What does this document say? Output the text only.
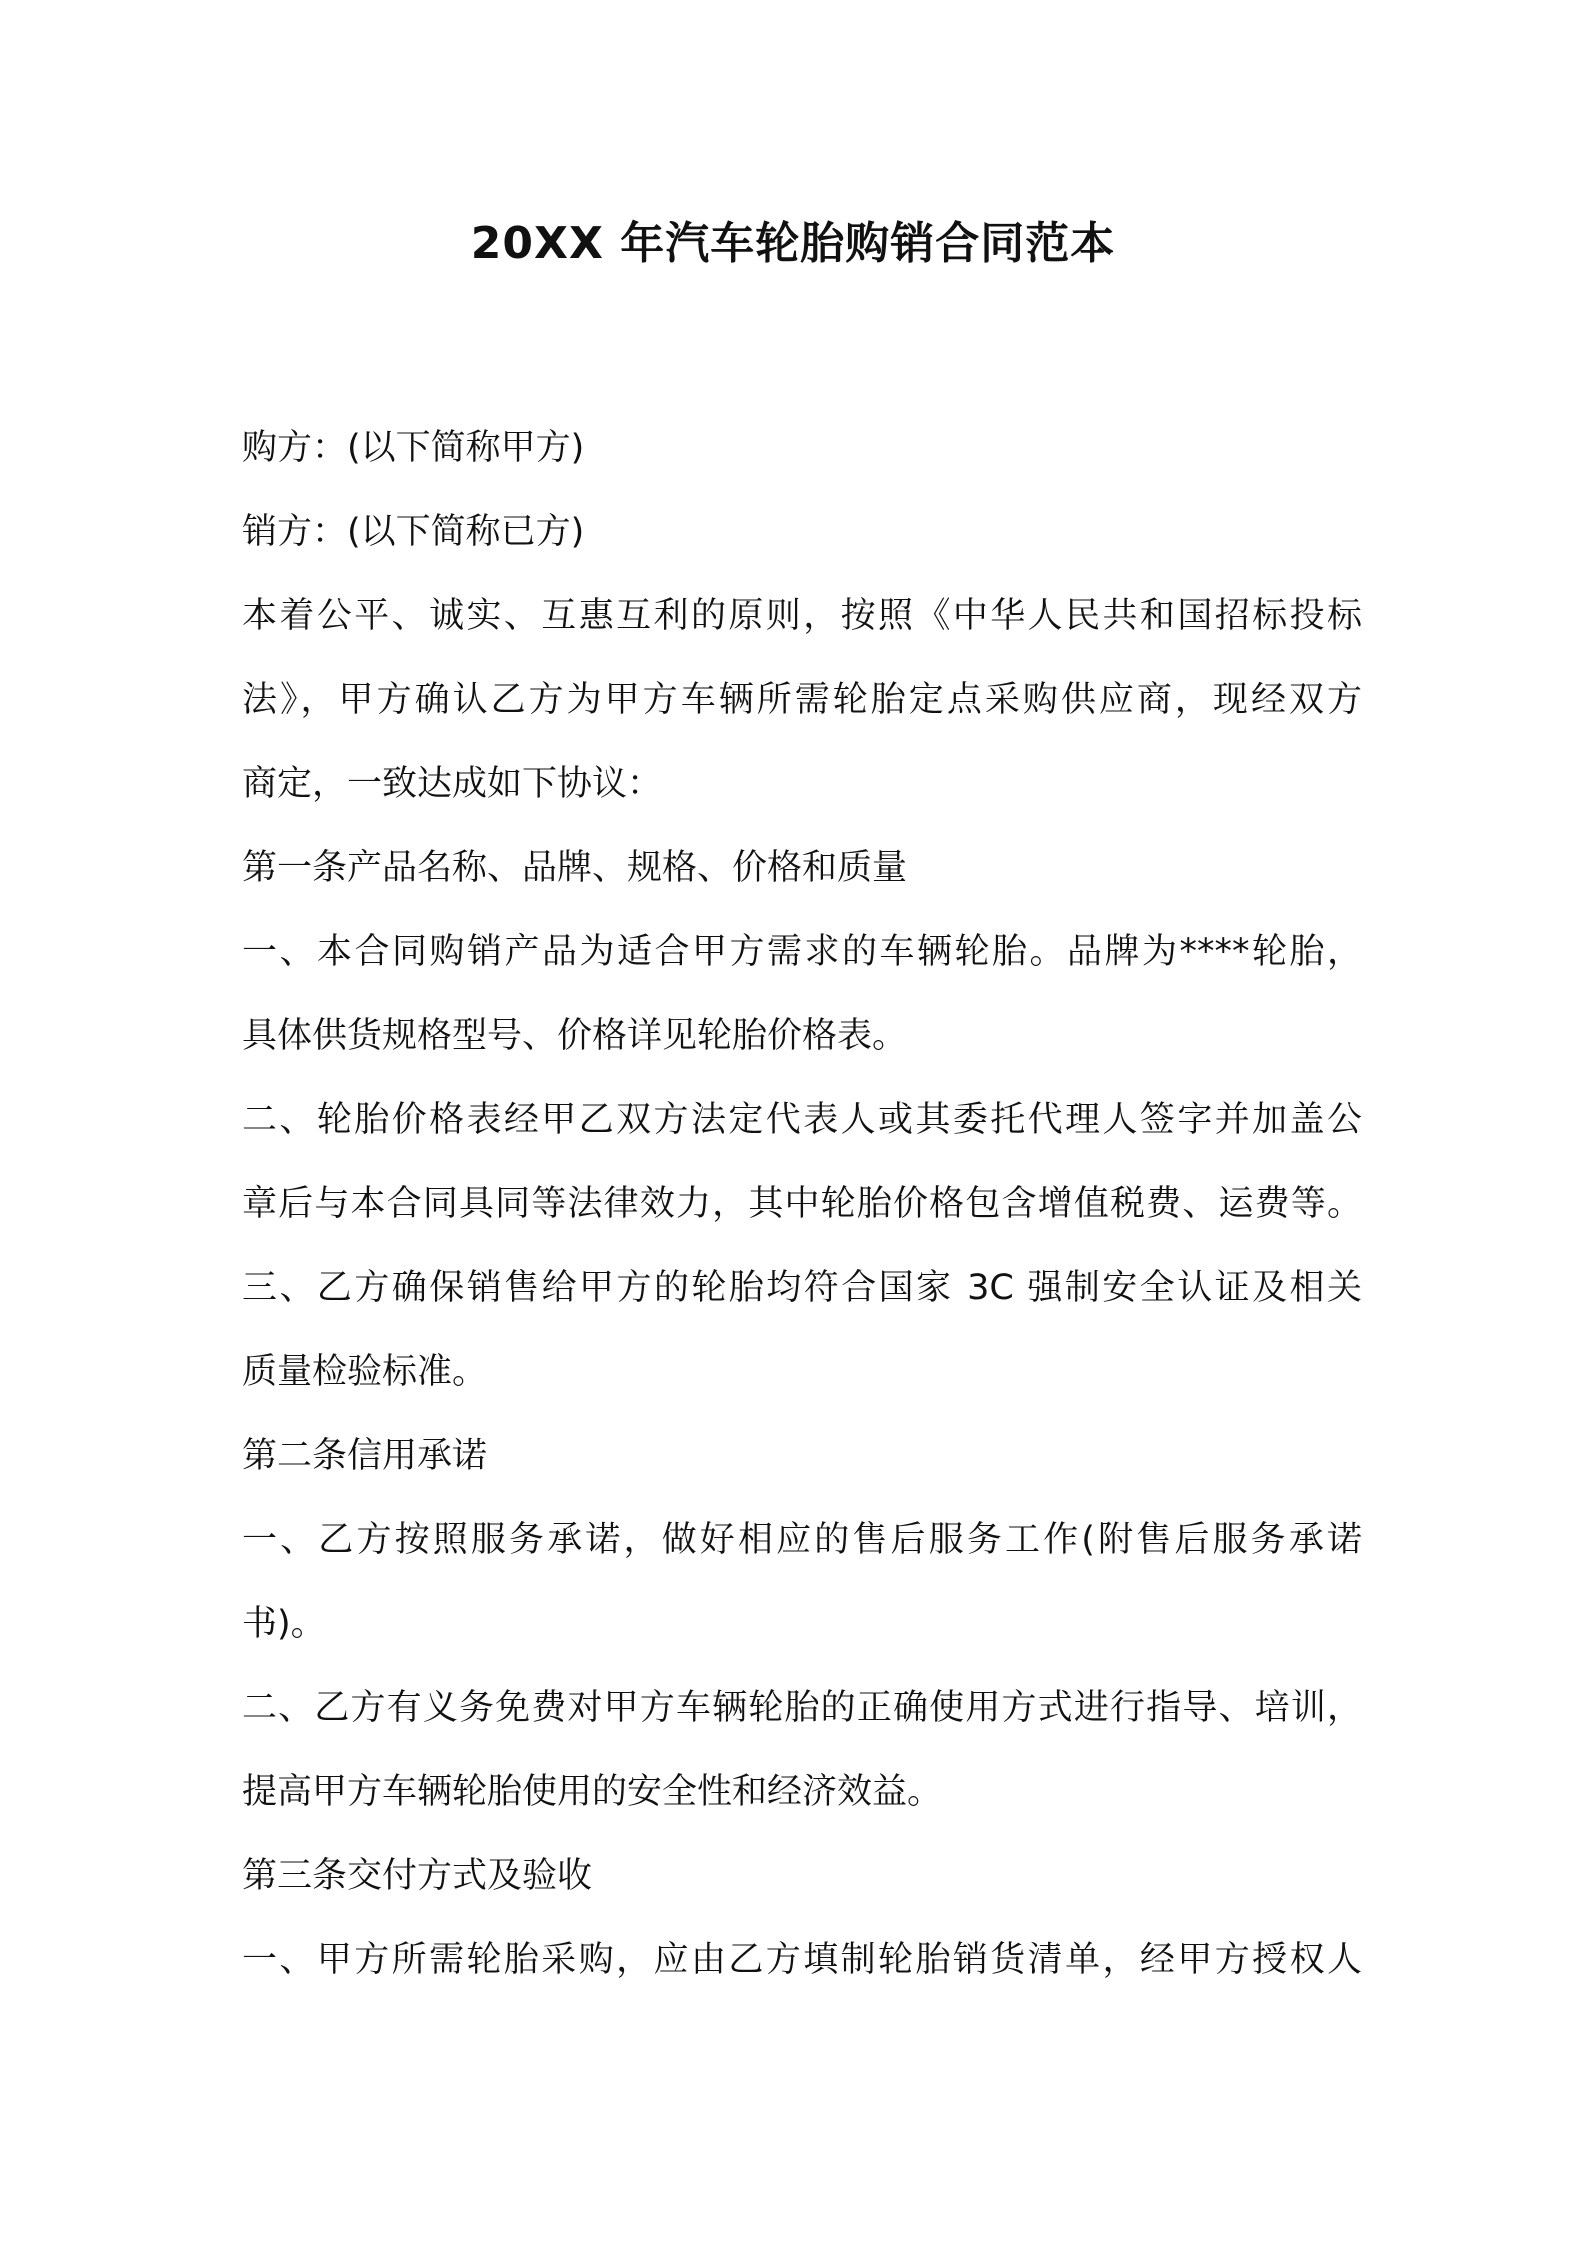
20XX 年汽车轮胎购销合同范本
购方：(以下简称甲方)
销方：(以下简称已方)
本着公平、诚实、互惠互利的原则，按照《中华人民共和国招标投标
法》，甲方确认乙方为甲方车辆所需轮胎定点采购供应商，现经双方
商定，一致达成如下协议：
第一条产品名称、品牌、规格、价格和质量
一、本合同购销产品为适合甲方需求的车辆轮胎。品牌为****轮胎，
具体供货规格型号、价格详见轮胎价格表。
二、轮胎价格表经甲乙双方法定代表人或其委托代理人签字并加盖公
章后与本合同具同等法律效力，其中轮胎价格包含增值税费、运费等。
三、乙方确保销售给甲方的轮胎均符合国家 3C 强制安全认证及相关
质量检验标准。
第二条信用承诺
一、乙方按照服务承诺，做好相应的售后服务工作(附售后服务承诺
书)。
二、乙方有义务免费对甲方车辆轮胎的正确使用方式进行指导、培训，
提高甲方车辆轮胎使用的安全性和经济效益。
第三条交付方式及验收
一、甲方所需轮胎采购，应由乙方填制轮胎销货清单，经甲方授权人
